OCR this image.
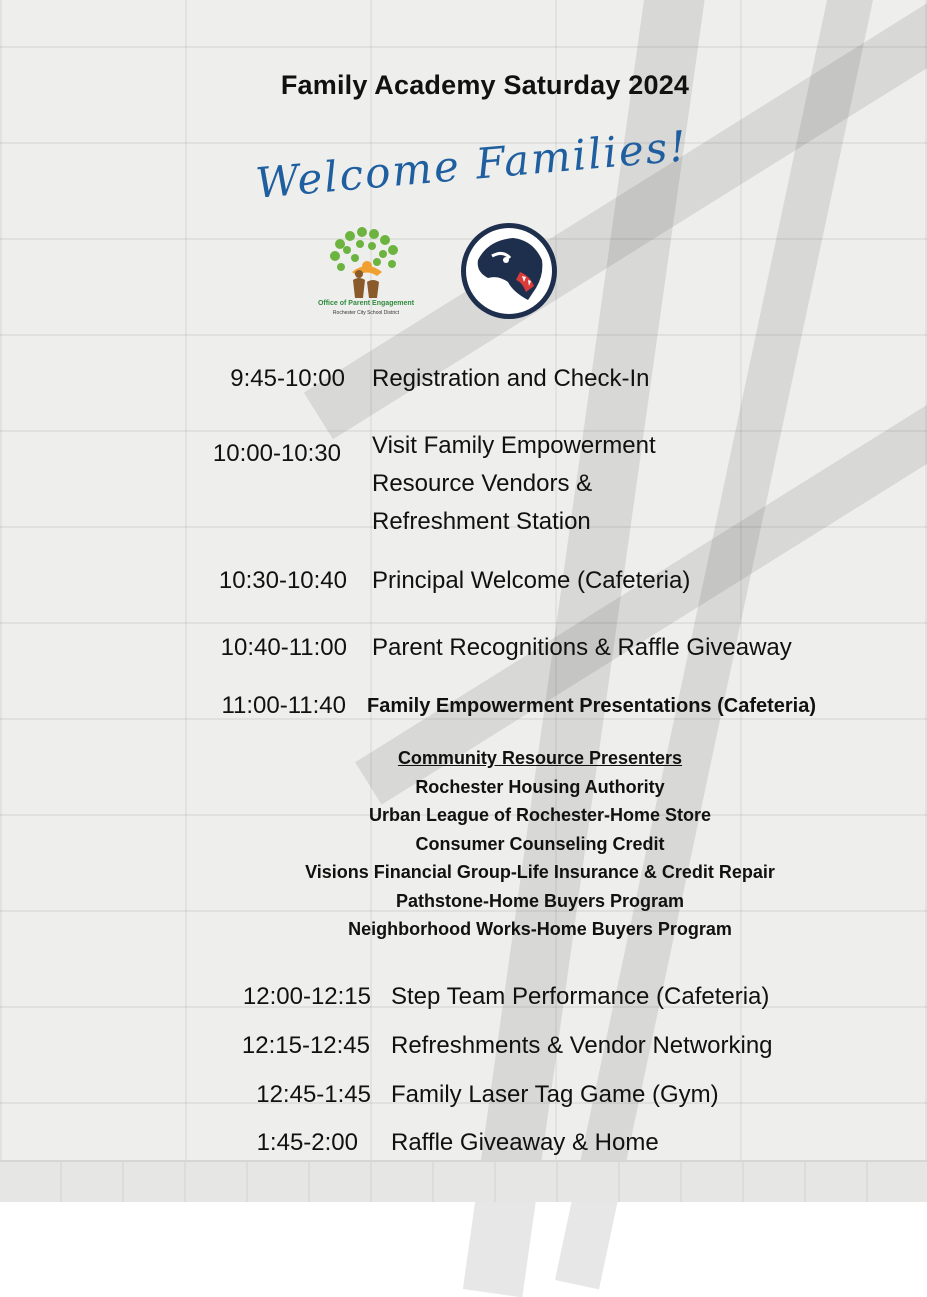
Family Academy Saturday 2024
Welcome Families!
Office of Parent Engagement
Rochester City School District
9:45-10:00 Registration and Check-In
10:00-10:30 Visit Family Empowerment
Resource Vendors &
Refreshment Station
10:30-10:40 Principal Welcome (Cafeteria)
10:40-11:00 Parent Recognitions & Raffle Giveaway
11:00-11:40 Family Empowerment Presentations (Cafeteria)
Community Resource Presenters
Rochester Housing Authority
Urban League of Rochester-Home Store
Consumer Counseling Credit
Visions Financial Group-Life Insurance & Credit Repair
Pathstone-Home Buyers Program
Neighborhood Works-Home Buyers Program
12:00-12:15 Step Team Performance (Cafeteria)
12:15-12:45 Refreshments & Vendor Networking
12:45-1:45 Family Laser Tag Game (Gym)
1:45-2:00 Raffle Giveaway & Home
